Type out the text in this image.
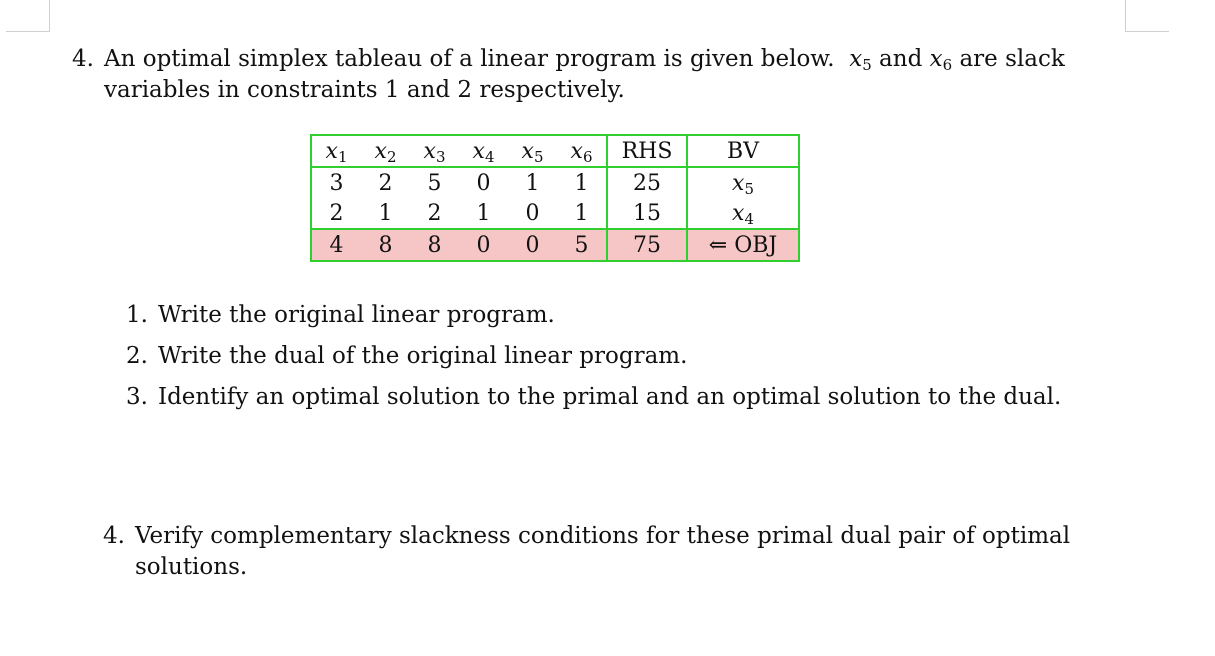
4. An optimal simplex tableau of a linear program is given below. $x_5$ and $x_6$ are slack

variables in constraints 1 and 2 respectively.

$x_1$	$x_2$	$x_3$	$x_4$	$x_5$	$x_6$	RHS	BV
3	2	5	0	1	1	25	$x_5$
2	1	2	1	0	1	15	$x_4$
4	8	8	0	0	5	75	⇐ OBJ
1. Write the original linear program.
2. Write the dual of the original linear program.
3. Identify an optimal solution to the primal and an optimal solution to the dual.
4. Verify complementary slackness conditions for these primal dual pair of optimal
solutions.
